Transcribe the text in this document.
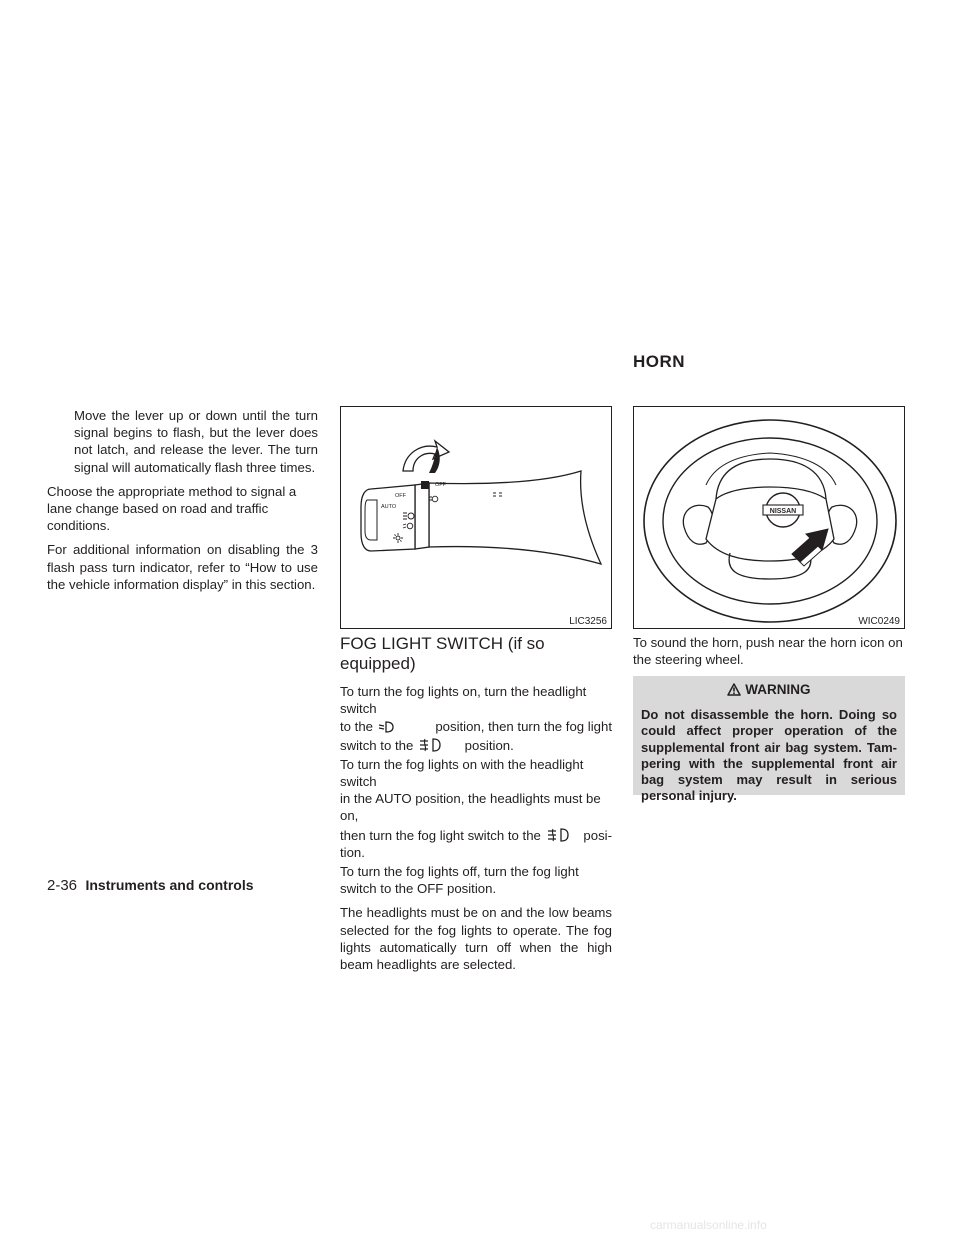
Move the lever up or down until the turn signal begins to flash, but the lever does not latch, and release the lever. The turn signal will automatically flash three times.

Choose the appropriate method to signal a lane change based on road and traffic conditions.

For additional information on disabling the 3 flash pass turn indicator, refer to “How to use the vehicle information display” in this section.

OFF
AUTO
OFF
LIC3256

FOG LIGHT SWITCH (if so equipped)

To turn the fog lights on, turn the headlight switch

to the	position, then turn the fog light

switch to the	position.

To turn the fog lights on with the headlight switch

in the AUTO position, the headlights must be on,

then turn the fog light switch to the	posi-

tion.

To turn the fog lights off, turn the fog light switch to the OFF position.

The headlights must be on and the low beams selected for the fog lights to operate. The fog lights automatically turn off when the high beam headlights are selected.

HORN

NISSAN
WIC0249

To sound the horn, push near the horn icon on the steering wheel.

WARNING

Do not disassemble the horn. Doing so could affect proper operation of the supplemental front air bag system. Tam-pering with the supplemental front air bag system may result in serious personal injury.

2-36 Instruments and controls
carmanualsonline.info
